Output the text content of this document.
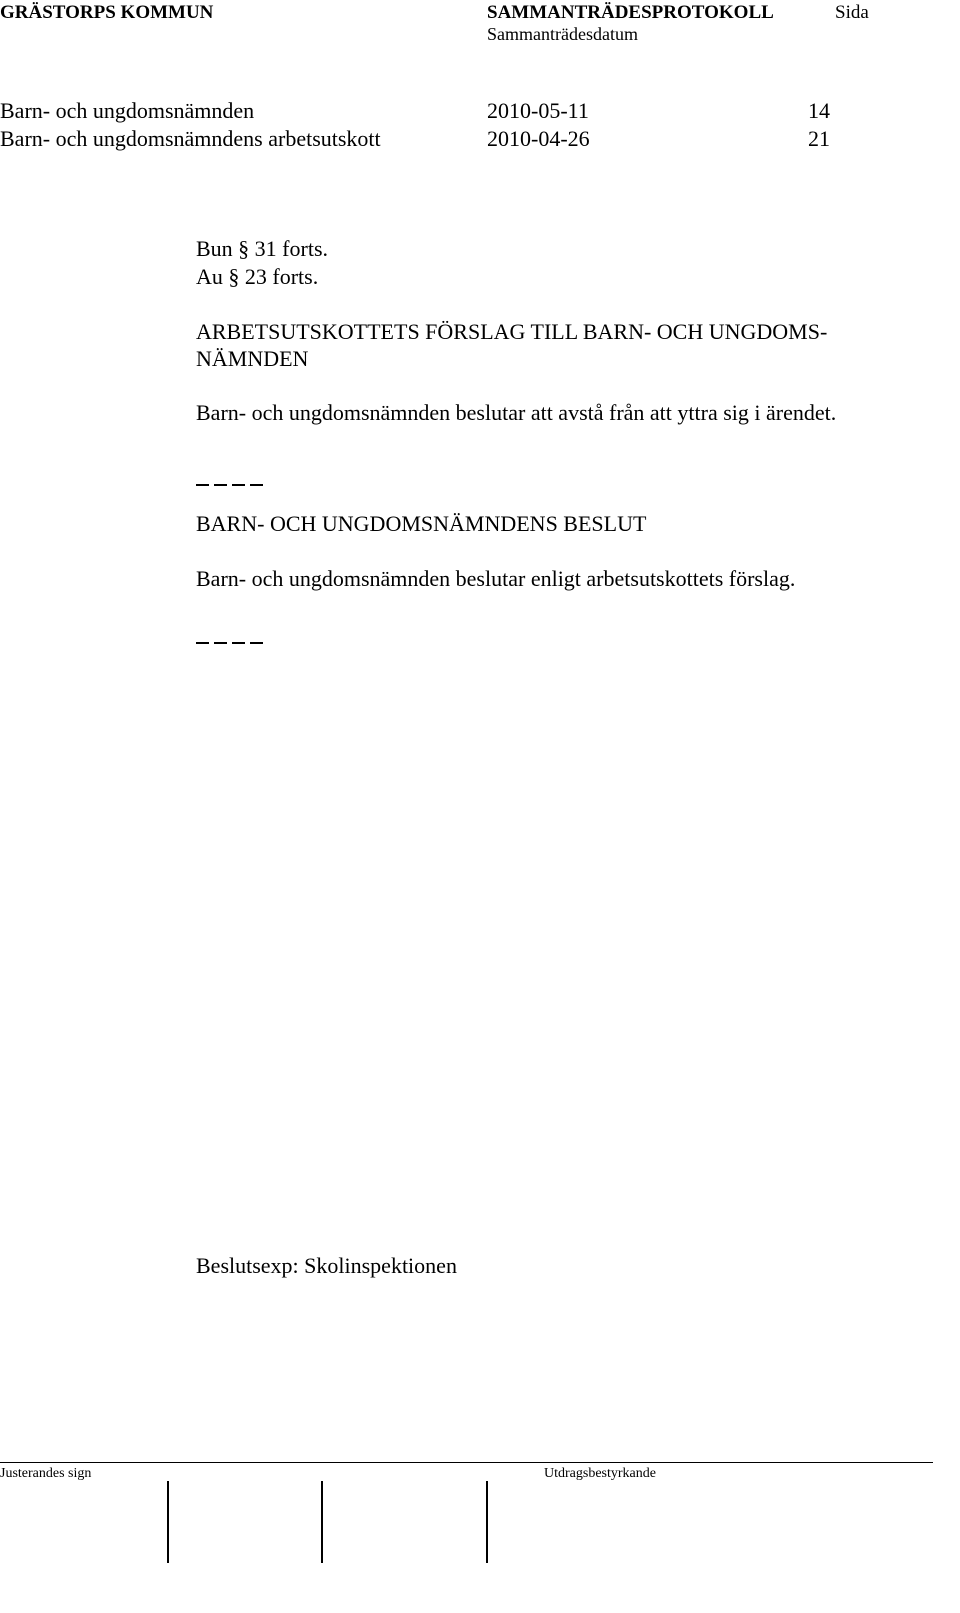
GRÄSTORPS KOMMUN	SAMMANTRÄDESPROTOKOLL	Sida
Sammanträdesdatum
Barn- och ungdomsnämnden	2010-05-11	14
Barn- och ungdomsnämndens arbetsutskott	2010-04-26	21
Bun § 31 forts.
Au § 23 forts.
ARBETSUTSKOTTETS FÖRSLAG TILL BARN- OCH UNGDOMS-
NÄMNDEN
Barn- och ungdomsnämnden beslutar att avstå från att yttra sig i ärendet.
BARN- OCH UNGDOMSNÄMNDENS BESLUT
Barn- och ungdomsnämnden beslutar enligt arbetsutskottets förslag.
Beslutsexp: Skolinspektionen
Justerandes sign	Utdragsbestyrkande
